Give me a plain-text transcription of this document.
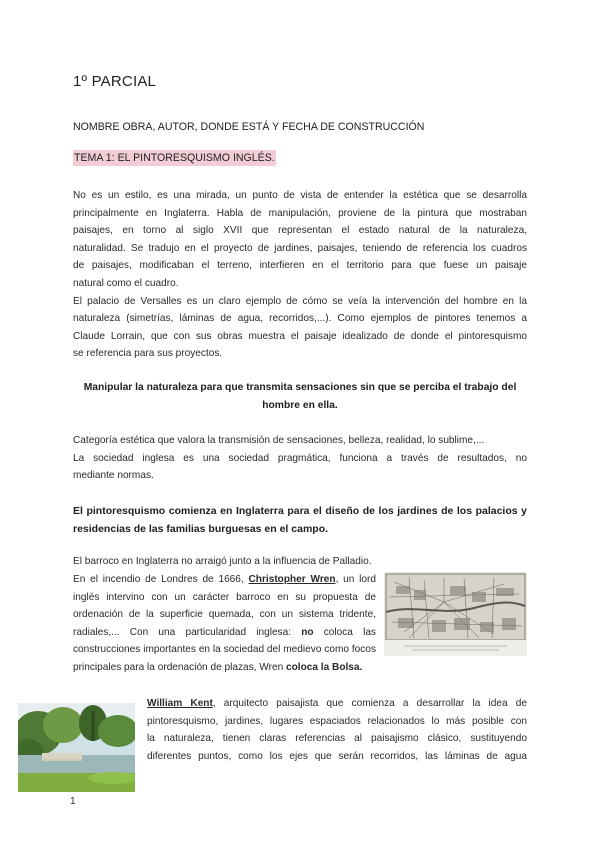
1º PARCIAL

NOMBRE OBRA, AUTOR, DONDE ESTÁ Y FECHA DE CONSTRUCCIÓN

TEMA 1: EL PINTORESQUISMO INGLÉS.

No es un estilo, es una mirada, un punto de vista de entender la estética que se desarrolla
principalmente en Inglaterra. Habla de manipulación, proviene de la pintura que mostraban
paisajes, en torno al siglo XVII que representan el estado natural de la naturaleza,
naturalidad. Se tradujo en el proyecto de jardines, paisajes, teniendo de referencia los cuadros
de paisajes, modificaban el terreno, interfieren en el territorio para que fuese un paisaje
natural como el cuadro.
El palacio de Versalles es un claro ejemplo de cómo se veía la intervención del hombre en la
naturaleza (simetrías, láminas de agua, recorridos,...). Como ejemplos de pintores tenemos a
Claude Lorrain, que con sus obras muestra el paisaje idealizado de donde el pintoresquismo
se referencia para sus proyectos.

Manipular la naturaleza para que transmita sensaciones sin que se perciba el trabajo del
hombre en ella.

Categoría estética que valora la transmisión de sensaciones, belleza, realidad, lo sublime,...
La sociedad inglesa es una sociedad pragmática, funciona a través de resultados, no
mediante normas.

El pintoresquismo comienza en Inglaterra para el diseño de los jardines de los palacios y
residencias de las familias burguesas en el campo.

El barroco en Inglaterra no arraigó junto a la influencia de Palladio.

En el incendio de Londres de 1666, Christopher Wren, un lord
inglés intervino con un carácter barroco en su propuesta de
ordenación de la superficie quemada, con un sistema tridente,
radiales,... Con una particularidad inglesa: no coloca las
construcciones importantes en la sociedad del medievo como focos
principales para la ordenación de plazas, Wren coloca la Bolsa.

William Kent, arquitecto paisajista que comienza a desarrollar la idea de
pintoresquismo, jardines, lugares espaciados relacionados lo más posible con
la naturaleza, tienen claras referencias al paisajismo clásico, sustituyendo
diferentes puntos, como los ejes que serán recorridos, las láminas de agua

1
